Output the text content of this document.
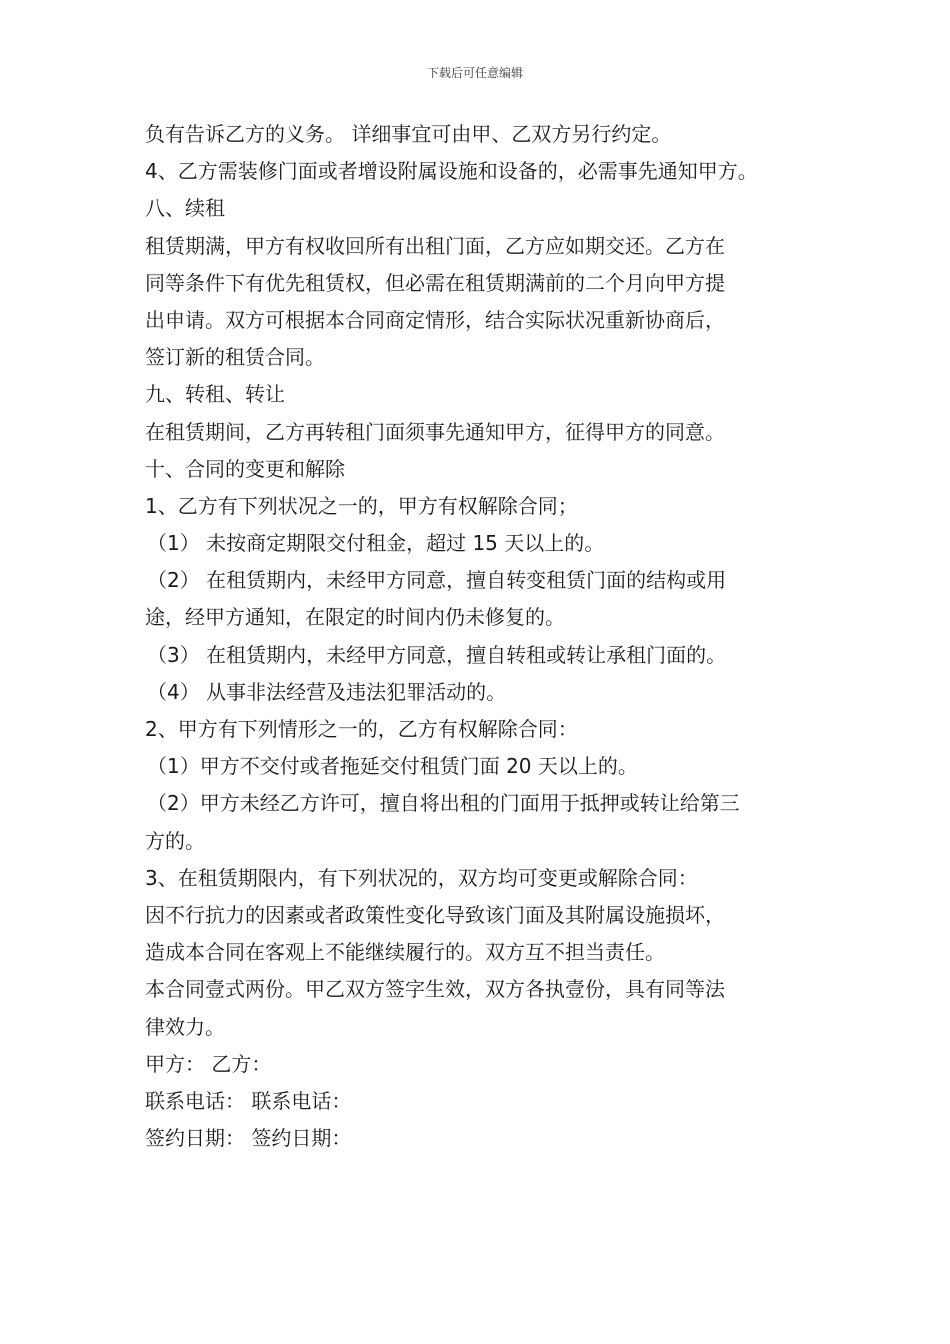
下载后可任意编辑

负有告诉乙方的义务。 详细事宜可由甲、乙双方另行约定。

4、乙方需装修门面或者增设附属设施和设备的，必需事先通知甲方。

八、续租

租赁期满，甲方有权收回所有出租门面，乙方应如期交还。乙方在

同等条件下有优先租赁权，但必需在租赁期满前的二个月向甲方提

出申请。双方可根据本合同商定情形，结合实际状况重新协商后，

签订新的租赁合同。

九、转租、转让

在租赁期间，乙方再转租门面须事先通知甲方，征得甲方的同意。

十、合同的变更和解除

1、乙方有下列状况之一的，甲方有权解除合同；

（1） 未按商定期限交付租金，超过 15 天以上的。

（2） 在租赁期内，未经甲方同意，擅自转变租赁门面的结构或用

途，经甲方通知，在限定的时间内仍未修复的。

（3） 在租赁期内，未经甲方同意，擅自转租或转让承租门面的。

（4） 从事非法经营及违法犯罪活动的。

2、甲方有下列情形之一的，乙方有权解除合同：

（1）甲方不交付或者拖延交付租赁门面 20 天以上的。

（2）甲方未经乙方许可，擅自将出租的门面用于抵押或转让给第三

方的。

3、在租赁期限内，有下列状况的，双方均可变更或解除合同：

因不行抗力的因素或者政策性变化导致该门面及其附属设施损坏，

造成本合同在客观上不能继续履行的。双方互不担当责任。

本合同壹式两份。甲乙双方签字生效，双方各执壹份，具有同等法

律效力。

甲方： 乙方：

联系电话： 联系电话：

签约日期： 签约日期：
